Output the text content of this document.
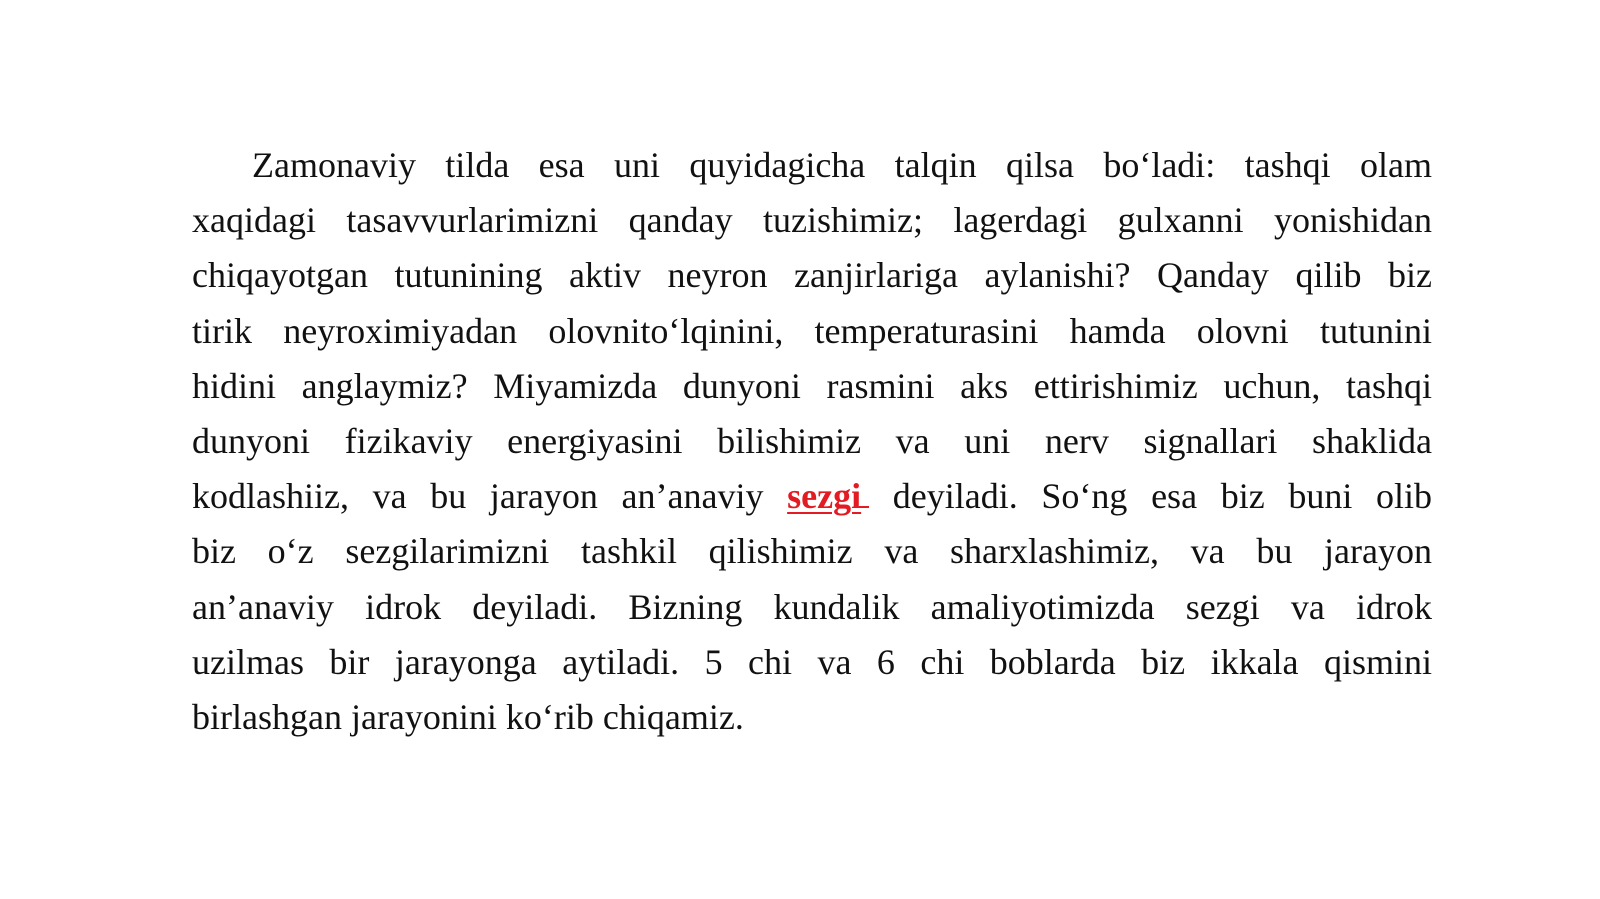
Zamonaviy tilda esa uni quyidagicha talqin qilsa bo‘ladi: tashqi olam
xaqidagi tasavvurlarimizni qanday tuzishimiz; lagerdagi gulxanni yonishidan
chiqayotgan tutunining aktiv neyron zanjirlariga aylanishi? Qanday qilib biz
tirik neyroximiyadan olovnito‘lqinini, temperaturasini hamda olovni tutunini
hidini anglaymiz? Miyamizda dunyoni rasmini aks ettirishimiz uchun, tashqi
dunyoni fizikaviy energiyasini bilishimiz va uni nerv signallari shaklida
kodlashiiz, va bu jarayon an’anaviy sezgi deyiladi. So‘ng esa biz buni olib
biz o‘z sezgilarimizni tashkil qilishimiz va sharxlashimiz, va bu jarayon
an’anaviy idrok deyiladi. Bizning kundalik amaliyotimizda sezgi va idrok
uzilmas bir jarayonga aytiladi. 5 chi va 6 chi boblarda biz ikkala qismini
birlashgan jarayonini ko‘rib chiqamiz.
